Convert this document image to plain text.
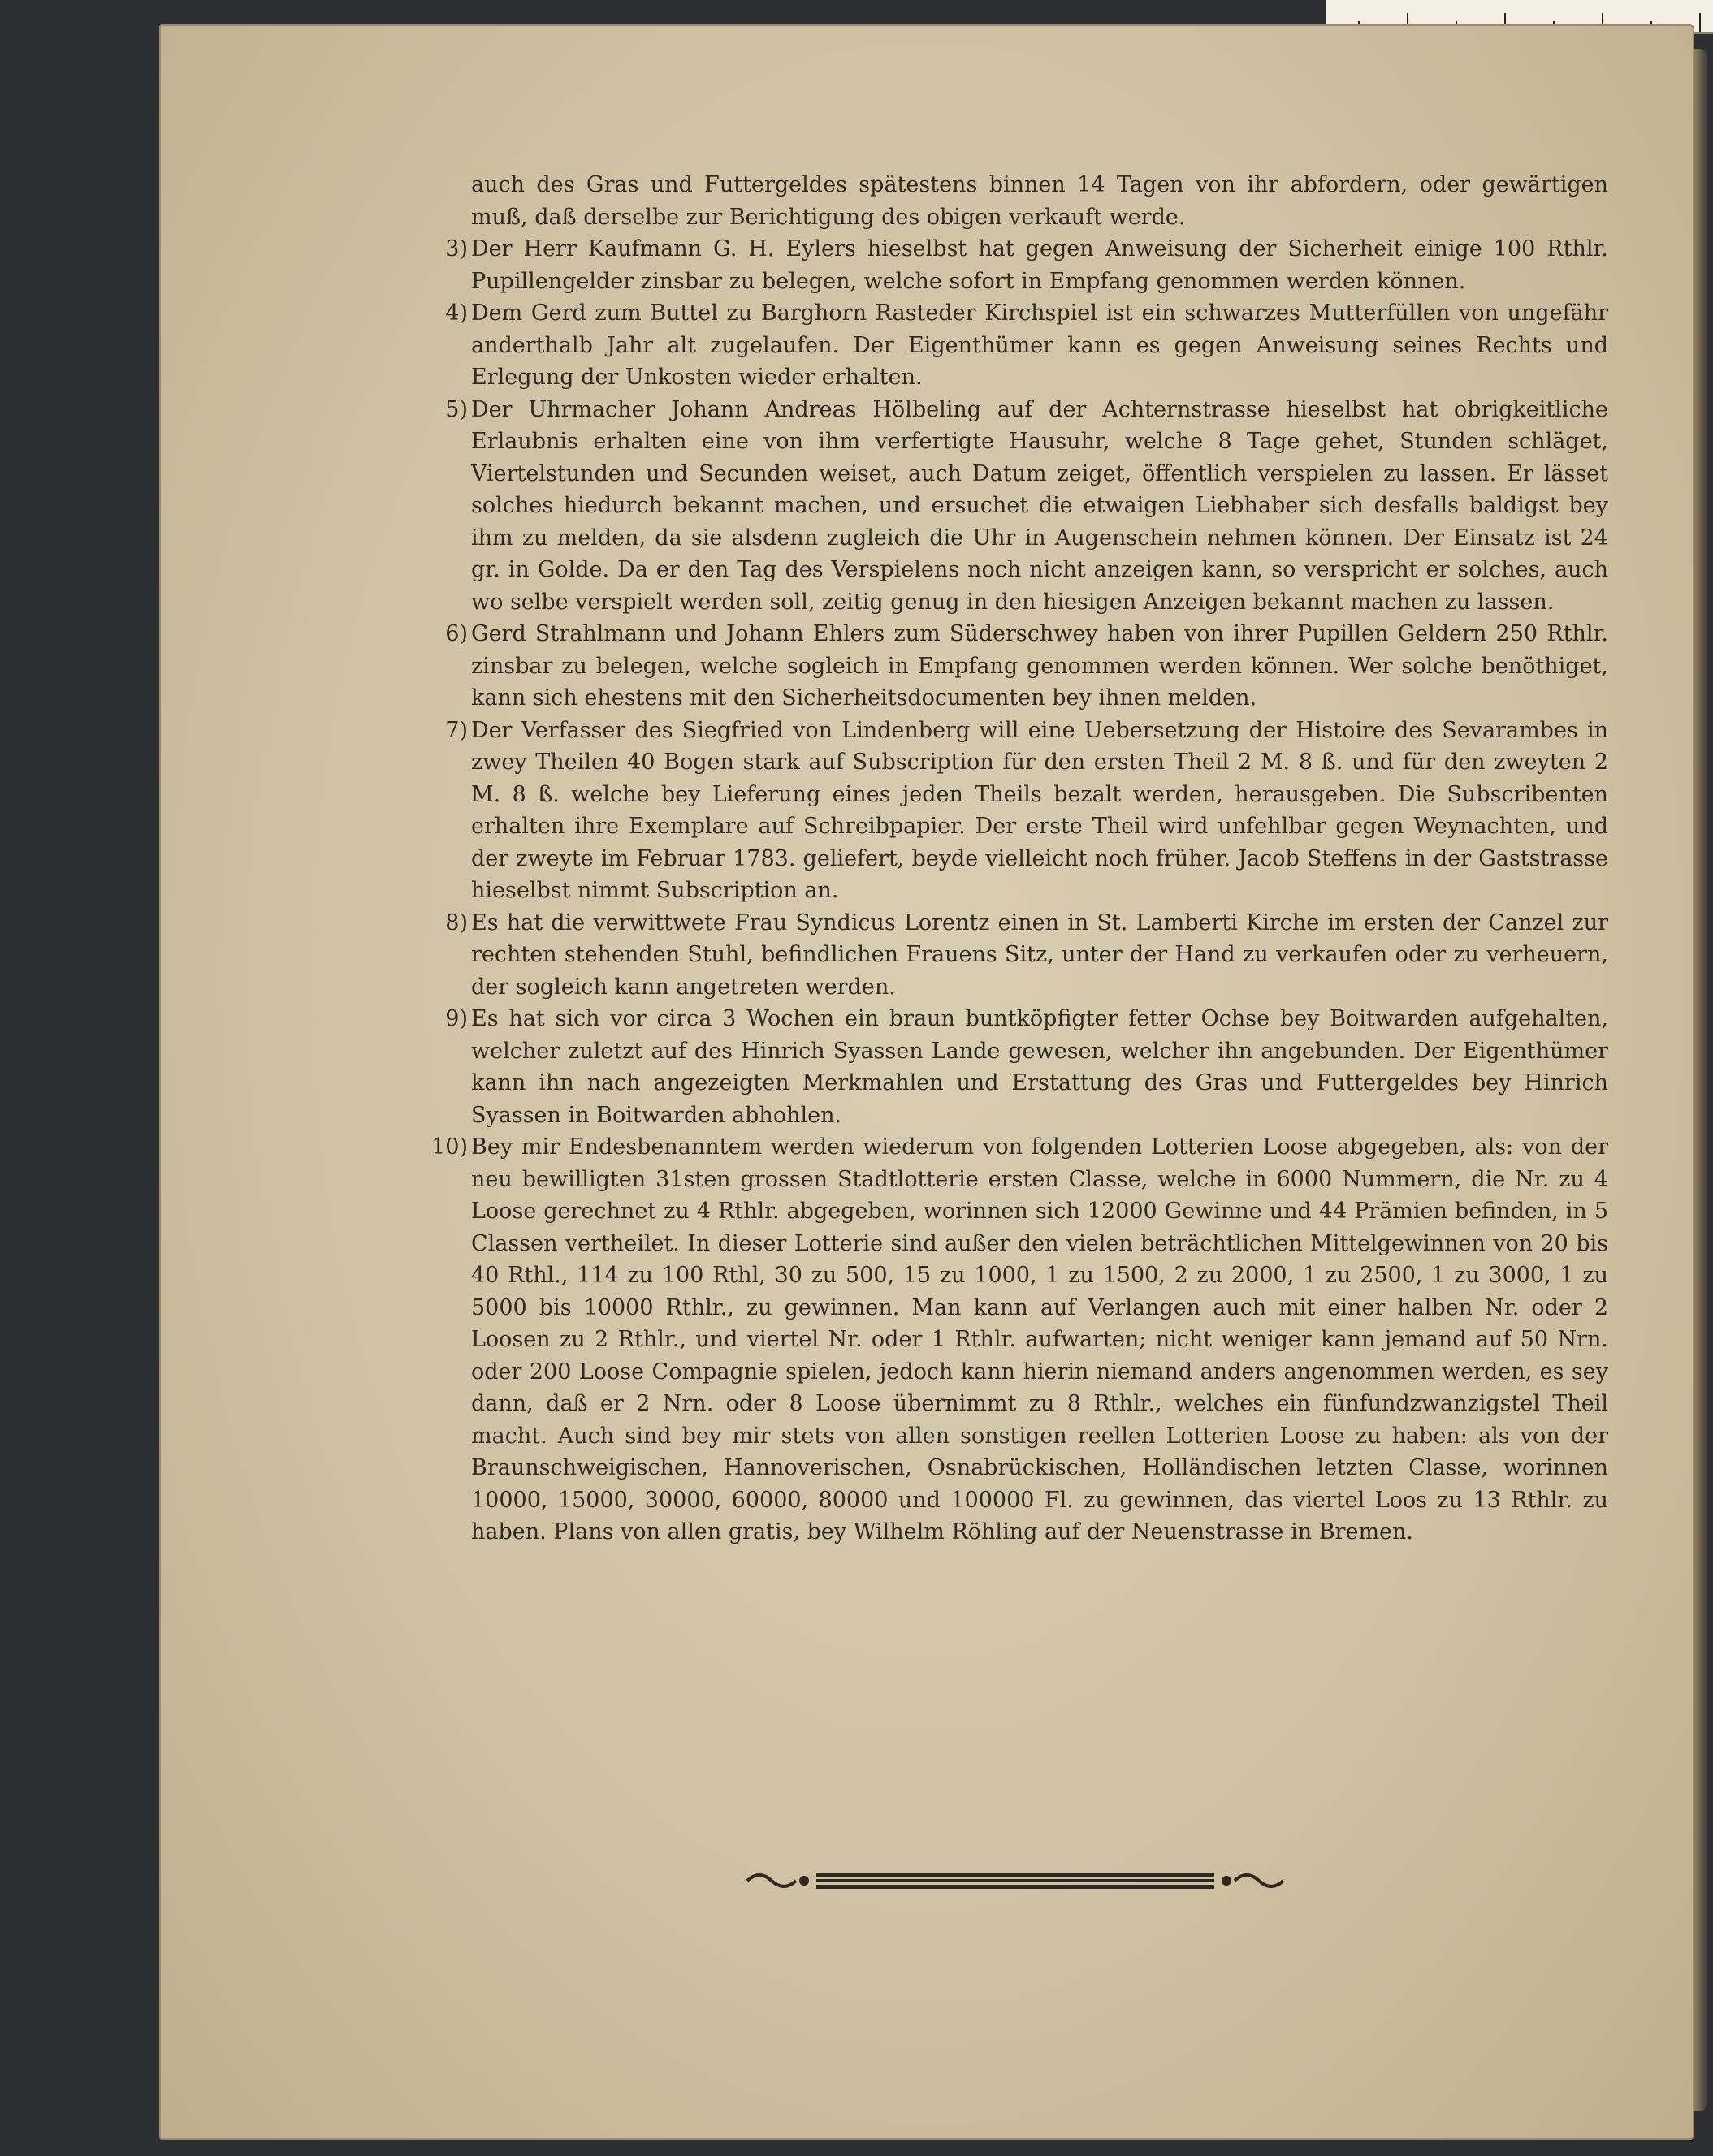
auch des Gras und Futtergeldes spätestens binnen 14 Tagen von ihr abfordern, oder gewärtigen muß, daß derselbe zur Berichtigung des obigen verkauft werde.

3) Der Herr Kaufmann G. H. Eylers hieselbst hat gegen Anweisung der Sicherheit einige 100 Rthlr. Pupillengelder zinsbar zu belegen, welche sofort in Empfang genommen werden können.

4) Dem Gerd zum Buttel zu Barghorn Rasteder Kirchspiel ist ein schwarzes Mutterfüllen von ungefähr anderthalb Jahr alt zugelaufen. Der Eigenthümer kann es gegen Anweisung seines Rechts und Erlegung der Unkosten wieder erhalten.

5) Der Uhrmacher Johann Andreas Hölbeling auf der Achternstrasse hieselbst hat obrigkeitliche Erlaubnis erhalten eine von ihm verfertigte Hausuhr, welche 8 Tage gehet, Stunden schläget, Viertelstunden und Secunden weiset, auch Datum zeiget, öffentlich verspielen zu lassen. Er lässet solches hiedurch bekannt machen, und ersuchet die etwaigen Liebhaber sich desfalls baldigst bey ihm zu melden, da sie alsdenn zugleich die Uhr in Augenschein nehmen können. Der Einsatz ist 24 gr. in Golde. Da er den Tag des Verspielens noch nicht anzeigen kann, so verspricht er solches, auch wo selbe verspielt werden soll, zeitig genug in den hiesigen Anzeigen bekannt machen zu lassen.

6) Gerd Strahlmann und Johann Ehlers zum Süderschwey haben von ihrer Pupillen Geldern 250 Rthlr. zinsbar zu belegen, welche sogleich in Empfang genommen werden können. Wer solche benöthiget, kann sich ehestens mit den Sicherheitsdocumenten bey ihnen melden.

7) Der Verfasser des Siegfried von Lindenberg will eine Uebersetzung der Histoire des Sevarambes in zwey Theilen 40 Bogen stark auf Subscription für den ersten Theil 2 M. 8 ß. und für den zweyten 2 M. 8 ß. welche bey Lieferung eines jeden Theils bezalt werden, herausgeben. Die Subscribenten erhalten ihre Exemplare auf Schreibpapier. Der erste Theil wird unfehlbar gegen Weynachten, und der zweyte im Februar 1783. geliefert, beyde vielleicht noch früher. Jacob Steffens in der Gaststrasse hieselbst nimmt Subscription an.

8) Es hat die verwittwete Frau Syndicus Lorentz einen in St. Lamberti Kirche im ersten der Canzel zur rechten stehenden Stuhl, befindlichen Frauens Sitz, unter der Hand zu verkaufen oder zu verheuern, der sogleich kann angetreten werden.

9) Es hat sich vor circa 3 Wochen ein braun buntköpfigter fetter Ochse bey Boitwarden aufgehalten, welcher zuletzt auf des Hinrich Syassen Lande gewesen, welcher ihn angebunden. Der Eigenthümer kann ihn nach angezeigten Merkmahlen und Erstattung des Gras und Futtergeldes bey Hinrich Syassen in Boitwarden abhohlen.

10) Bey mir Endesbenanntem werden wiederum von folgenden Lotterien Loose abgegeben, als: von der neu bewilligten 31sten grossen Stadtlotterie ersten Classe, welche in 6000 Nummern, die Nr. zu 4 Loose gerechnet zu 4 Rthlr. abgegeben, worinnen sich 12000 Gewinne und 44 Prämien befinden, in 5 Classen vertheilet. In dieser Lotterie sind außer den vielen beträchtlichen Mittelgewinnen von 20 bis 40 Rthl., 114 zu 100 Rthl, 30 zu 500, 15 zu 1000, 1 zu 1500, 2 zu 2000, 1 zu 2500, 1 zu 3000, 1 zu 5000 bis 10000 Rthlr., zu gewinnen. Man kann auf Verlangen auch mit einer halben Nr. oder 2 Loosen zu 2 Rthlr., und viertel Nr. oder 1 Rthlr. aufwarten; nicht weniger kann jemand auf 50 Nrn. oder 200 Loose Compagnie spielen, jedoch kann hierin niemand anders angenommen werden, es sey dann, daß er 2 Nrn. oder 8 Loose übernimmt zu 8 Rthlr., welches ein fünfundzwanzigstel Theil macht. Auch sind bey mir stets von allen sonstigen reellen Lotterien Loose zu haben: als von der Braunschweigischen, Hannoverischen, Osnabrückischen, Holländischen letzten Classe, worinnen 10000, 15000, 30000, 60000, 80000 und 100000 Fl. zu gewinnen, das viertel Loos zu 13 Rthlr. zu haben. Plans von allen gratis, bey Wilhelm Röhling auf der Neuenstrasse in Bremen.
